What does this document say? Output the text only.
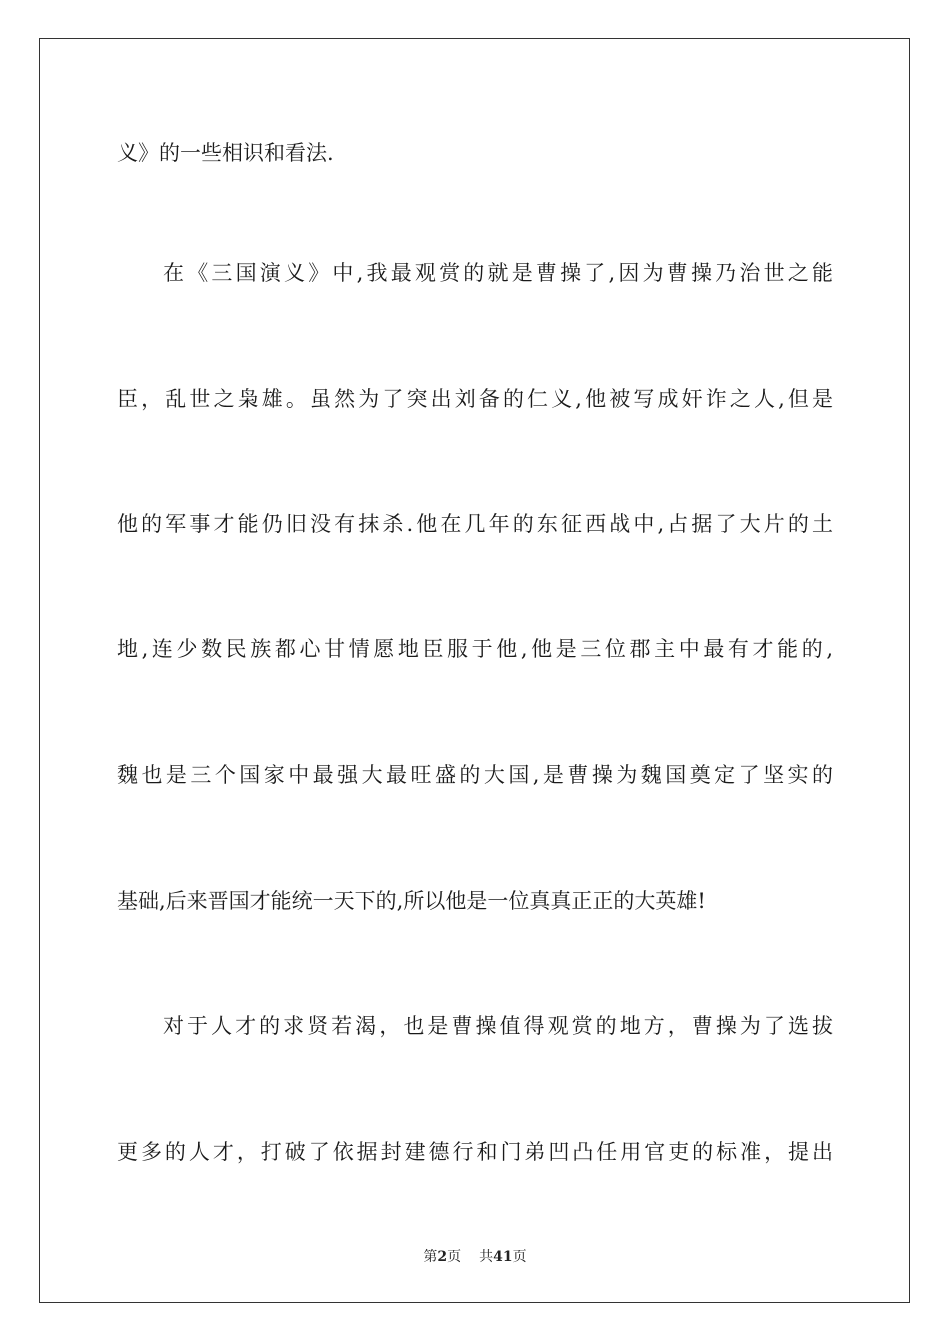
义》的一些相识和看法.
在《三国演义》中,我最观赏的就是曹操了,因为曹操乃治世之能
臣，乱世之枭雄。虽然为了突出刘备的仁义,他被写成奸诈之人,但是
他的军事才能仍旧没有抹杀.他在几年的东征西战中,占据了大片的土
地,连少数民族都心甘情愿地臣服于他,他是三位郡主中最有才能的,
魏也是三个国家中最强大最旺盛的大国,是曹操为魏国奠定了坚实的
基础,后来晋国才能统一天下的,所以他是一位真真正正的大英雄!
对于人才的求贤若渴，也是曹操值得观赏的地方，曹操为了选拔
更多的人才，打破了依据封建德行和门弟凹凸任用官吏的标准，提出
第2页 共41页
